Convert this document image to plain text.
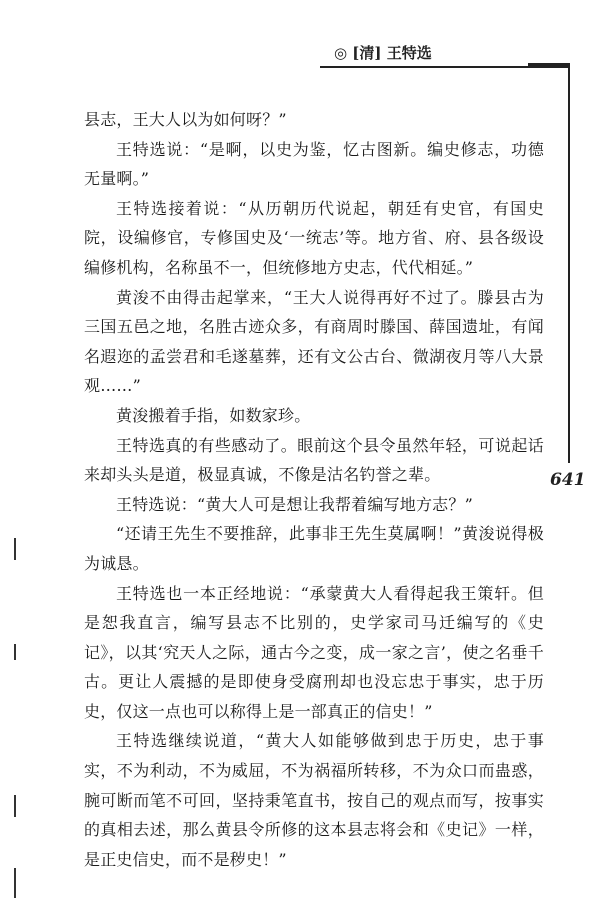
◎ [清] 王特选
641

县志，王大人以为如何呀？”

王特选说：“是啊，以史为鉴，忆古图新。编史修志，功德无量啊。”

王特选接着说：“从历朝历代说起，朝廷有史官，有国史院，设编修官，专修国史及‘一统志’等。地方省、府、县各级设编修机构，名称虽不一，但统修地方史志，代代相延。”

黄浚不由得击起掌来，“王大人说得再好不过了。滕县古为三国五邑之地，名胜古迹众多，有商周时滕国、薛国遗址，有闻名遐迩的孟尝君和毛遂墓葬，还有文公古台、微湖夜月等八大景观……”

黄浚搬着手指，如数家珍。

王特选真的有些感动了。眼前这个县令虽然年轻，可说起话来却头头是道，极显真诚，不像是沽名钓誉之辈。

王特选说：“黄大人可是想让我帮着编写地方志？”

“还请王先生不要推辞，此事非王先生莫属啊！”黄浚说得极为诚恳。

王特选也一本正经地说：“承蒙黄大人看得起我王策轩。但是恕我直言，编写县志不比别的，史学家司马迁编写的《史记》，以其‘究天人之际，通古今之变，成一家之言’，使之名垂千古。更让人震撼的是即使身受腐刑却也没忘忠于事实，忠于历史，仅这一点也可以称得上是一部真正的信史！”

王特选继续说道，“黄大人如能够做到忠于历史，忠于事实，不为利动，不为威屈，不为祸福所转移，不为众口而蛊惑，腕可断而笔不可回，坚持秉笔直书，按自己的观点而写，按事实的真相去述，那么黄县令所修的这本县志将会和《史记》一样，是正史信史，而不是秽史！”
